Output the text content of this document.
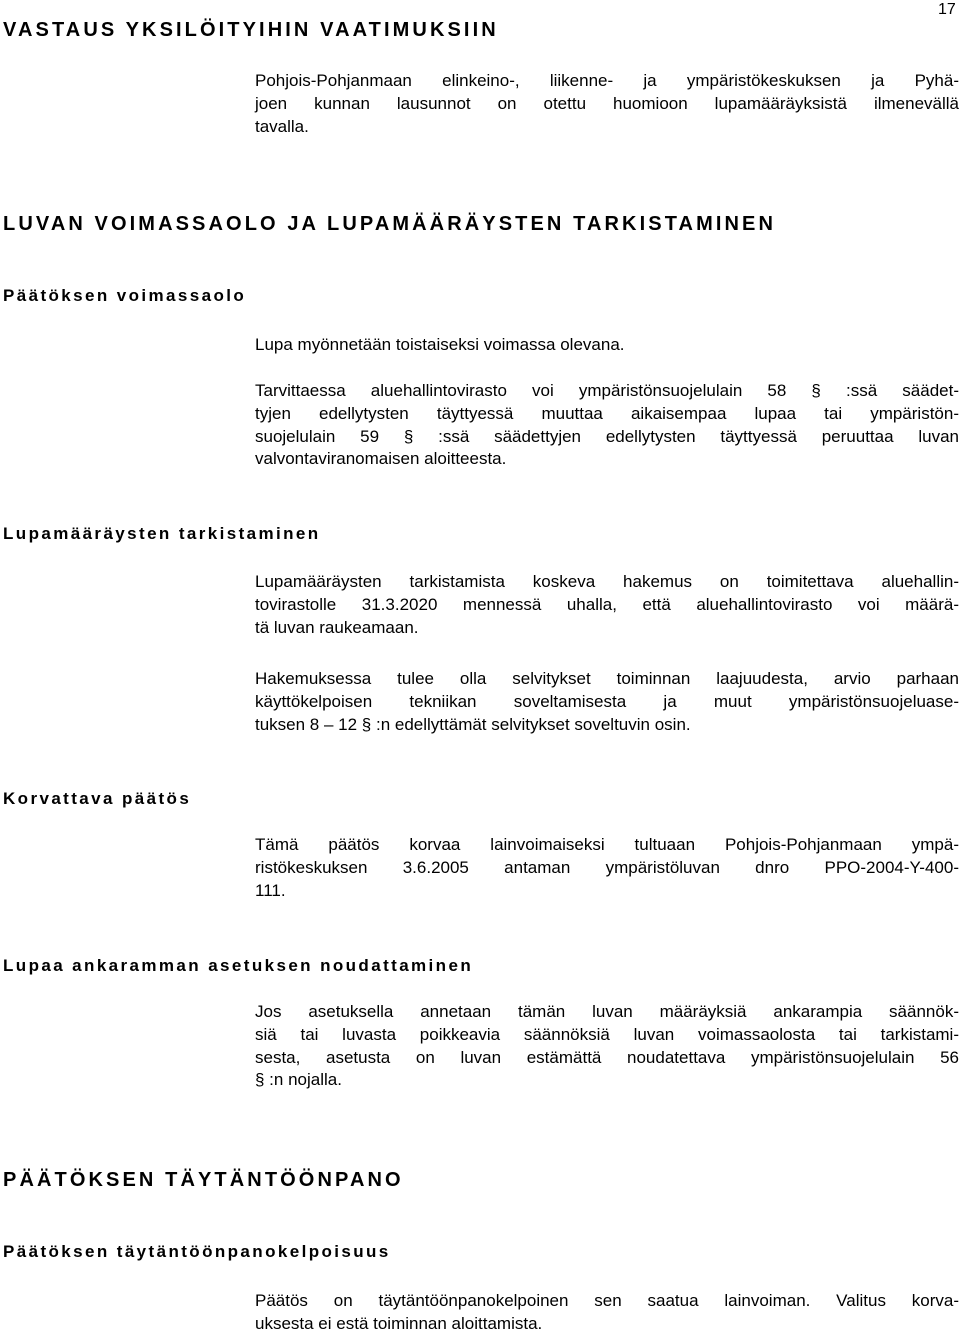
17
VASTAUS YKSILÖITYIHIN VAATIMUKSIIN
Pohjois-Pohjanmaan elinkeino-, liikenne- ja ympäristökeskuksen ja Pyhä-
joen kunnan lausunnot on otettu huomioon lupamääräyksistä ilmenevällä
tavalla.
LUVAN VOIMASSAOLO JA LUPAMÄÄRÄYSTEN TARKISTAMINEN
Päätöksen voimassaolo
Lupa myönnetään toistaiseksi voimassa olevana.
Tarvittaessa aluehallintovirasto voi ympäristönsuojelulain 58 § :ssä säädet-
tyjen edellytysten täyttyessä muuttaa aikaisempaa lupaa tai ympäristön-
suojelulain 59 § :ssä säädettyjen edellytysten täyttyessä peruuttaa luvan
valvontaviranomaisen aloitteesta.
Lupamääräysten tarkistaminen
Lupamääräysten tarkistamista koskeva hakemus on toimitettava aluehallin-
tovirastolle 31.3.2020 mennessä uhalla, että aluehallintovirasto voi määrä-
tä luvan raukeamaan.
Hakemuksessa tulee olla selvitykset toiminnan laajuudesta, arvio parhaan
käyttökelpoisen tekniikan soveltamisesta ja muut ympäristönsuojeluase-
tuksen 8 – 12 § :n edellyttämät selvitykset soveltuvin osin.
Korvattava päätös
Tämä päätös korvaa lainvoimaiseksi tultuaan Pohjois-Pohjanmaan ympä-
ristökeskuksen 3.6.2005 antaman ympäristöluvan dnro PPO-2004-Y-400-
111.
Lupaa ankaramman asetuksen noudattaminen
Jos asetuksella annetaan tämän luvan määräyksiä ankarampia säännök-
siä tai luvasta poikkeavia säännöksiä luvan voimassaolosta tai tarkistami-
sesta, asetusta on luvan estämättä noudatettava ympäristönsuojelulain 56
§ :n nojalla.
PÄÄTÖKSEN TÄYTÄNTÖÖNPANO
Päätöksen täytäntöönpanokelpoisuus
Päätös on täytäntöönpanokelpoinen sen saatua lainvoiman. Valitus korva-
uksesta ei estä toiminnan aloittamista.
